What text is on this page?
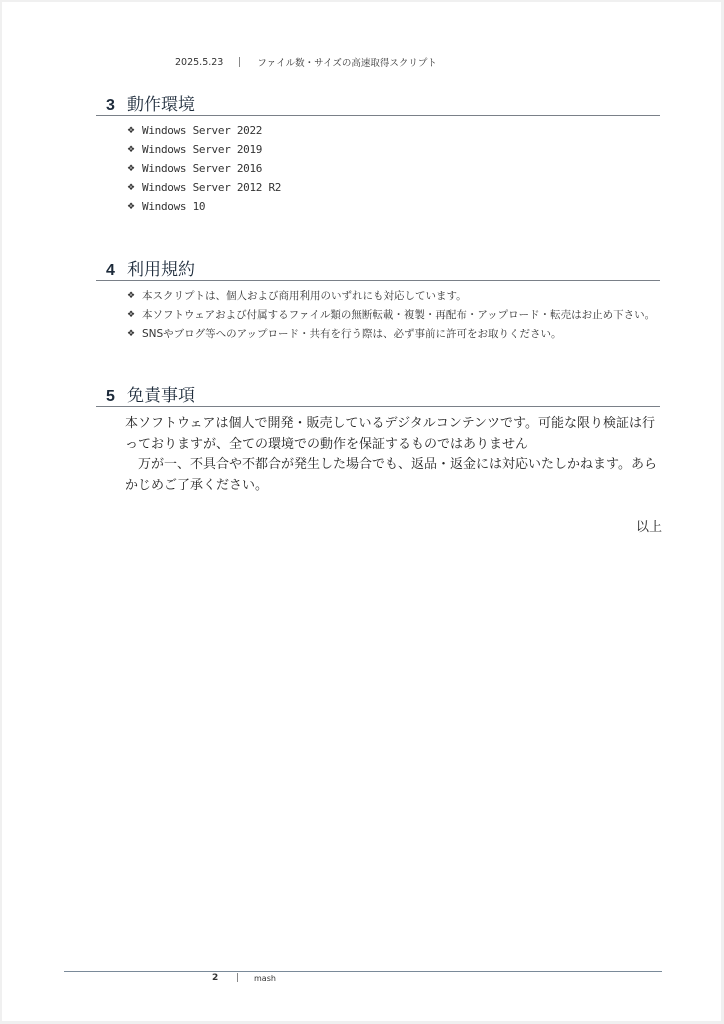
2025.5.23	ファイル数・サイズの高速取得スクリプト
3 動作環境
❖ Windows Server 2022
❖ Windows Server 2019
❖ Windows Server 2016
❖ Windows Server 2012 R2
❖ Windows 10
4 利用規約
❖ 本スクリプトは、個人および商用利用のいずれにも対応しています。
❖ 本ソフトウェアおよび付属するファイル類の無断転載・複製・再配布・アップロード・転売はお止め下さい。
❖ SNSやブログ等へのアップロード・共有を行う際は、必ず事前に許可をお取りください。
5 免責事項

本ソフトウェアは個人で開発・販売しているデジタルコンテンツです。可能な限り検証は行っておりますが、全ての環境での動作を保証するものではありません

　万が一、不具合や不都合が発生した場合でも、返品・返金には対応いたしかねます。あらかじめご了承ください。

以上
2	mash
